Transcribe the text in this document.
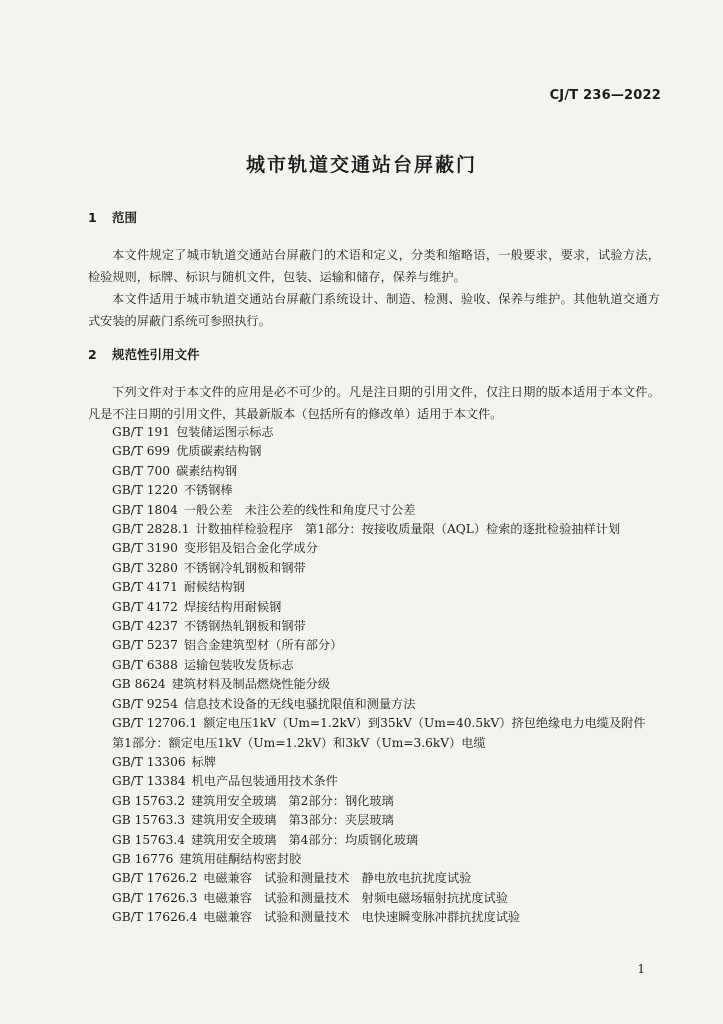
CJ/T 236—2022
城市轨道交通站台屏蔽门
1 范围

本文件规定了城市轨道交通站台屏蔽门的术语和定义，分类和缩略语，一般要求，要求，试验方法，检验规则，标牌、标识与随机文件，包装、运输和储存，保养与维护。

本文件适用于城市轨道交通站台屏蔽门系统设计、制造、检测、验收、保养与维护。其他轨道交通方式安装的屏蔽门系统可参照执行。

2 规范性引用文件

下列文件对于本文件的应用是必不可少的。凡是注日期的引用文件，仅注日期的版本适用于本文件。凡是不注日期的引用文件，其最新版本（包括所有的修改单）适用于本文件。

GB/T 191 包装储运图示标志
GB/T 699 优质碳素结构钢
GB/T 700 碳素结构钢
GB/T 1220 不锈钢棒
GB/T 1804 一般公差　未注公差的线性和角度尺寸公差
GB/T 2828.1 计数抽样检验程序　第1部分：按接收质量限（AQL）检索的逐批检验抽样计划
GB/T 3190 变形铝及铝合金化学成分
GB/T 3280 不锈钢冷轧钢板和钢带
GB/T 4171 耐候结构钢
GB/T 4172 焊接结构用耐候钢
GB/T 4237 不锈钢热轧钢板和钢带
GB/T 5237 铝合金建筑型材（所有部分）
GB/T 6388 运输包装收发货标志
GB 8624 建筑材料及制品燃烧性能分级
GB/T 9254 信息技术设备的无线电骚扰限值和测量方法
GB/T 12706.1 额定电压1kV（Um=1.2kV）到35kV（Um=40.5kV）挤包绝缘电力电缆及附件　第1部分：额定电压1kV（Um=1.2kV）和3kV（Um=3.6kV）电缆
GB/T 13306 标牌
GB/T 13384 机电产品包装通用技术条件
GB 15763.2 建筑用安全玻璃　第2部分：钢化玻璃
GB 15763.3 建筑用安全玻璃　第3部分：夹层玻璃
GB 15763.4 建筑用安全玻璃　第4部分：均质钢化玻璃
GB 16776 建筑用硅酮结构密封胶
GB/T 17626.2 电磁兼容　试验和测量技术　静电放电抗扰度试验
GB/T 17626.3 电磁兼容　试验和测量技术　射频电磁场辐射抗扰度试验
GB/T 17626.4 电磁兼容　试验和测量技术　电快速瞬变脉冲群抗扰度试验
1
